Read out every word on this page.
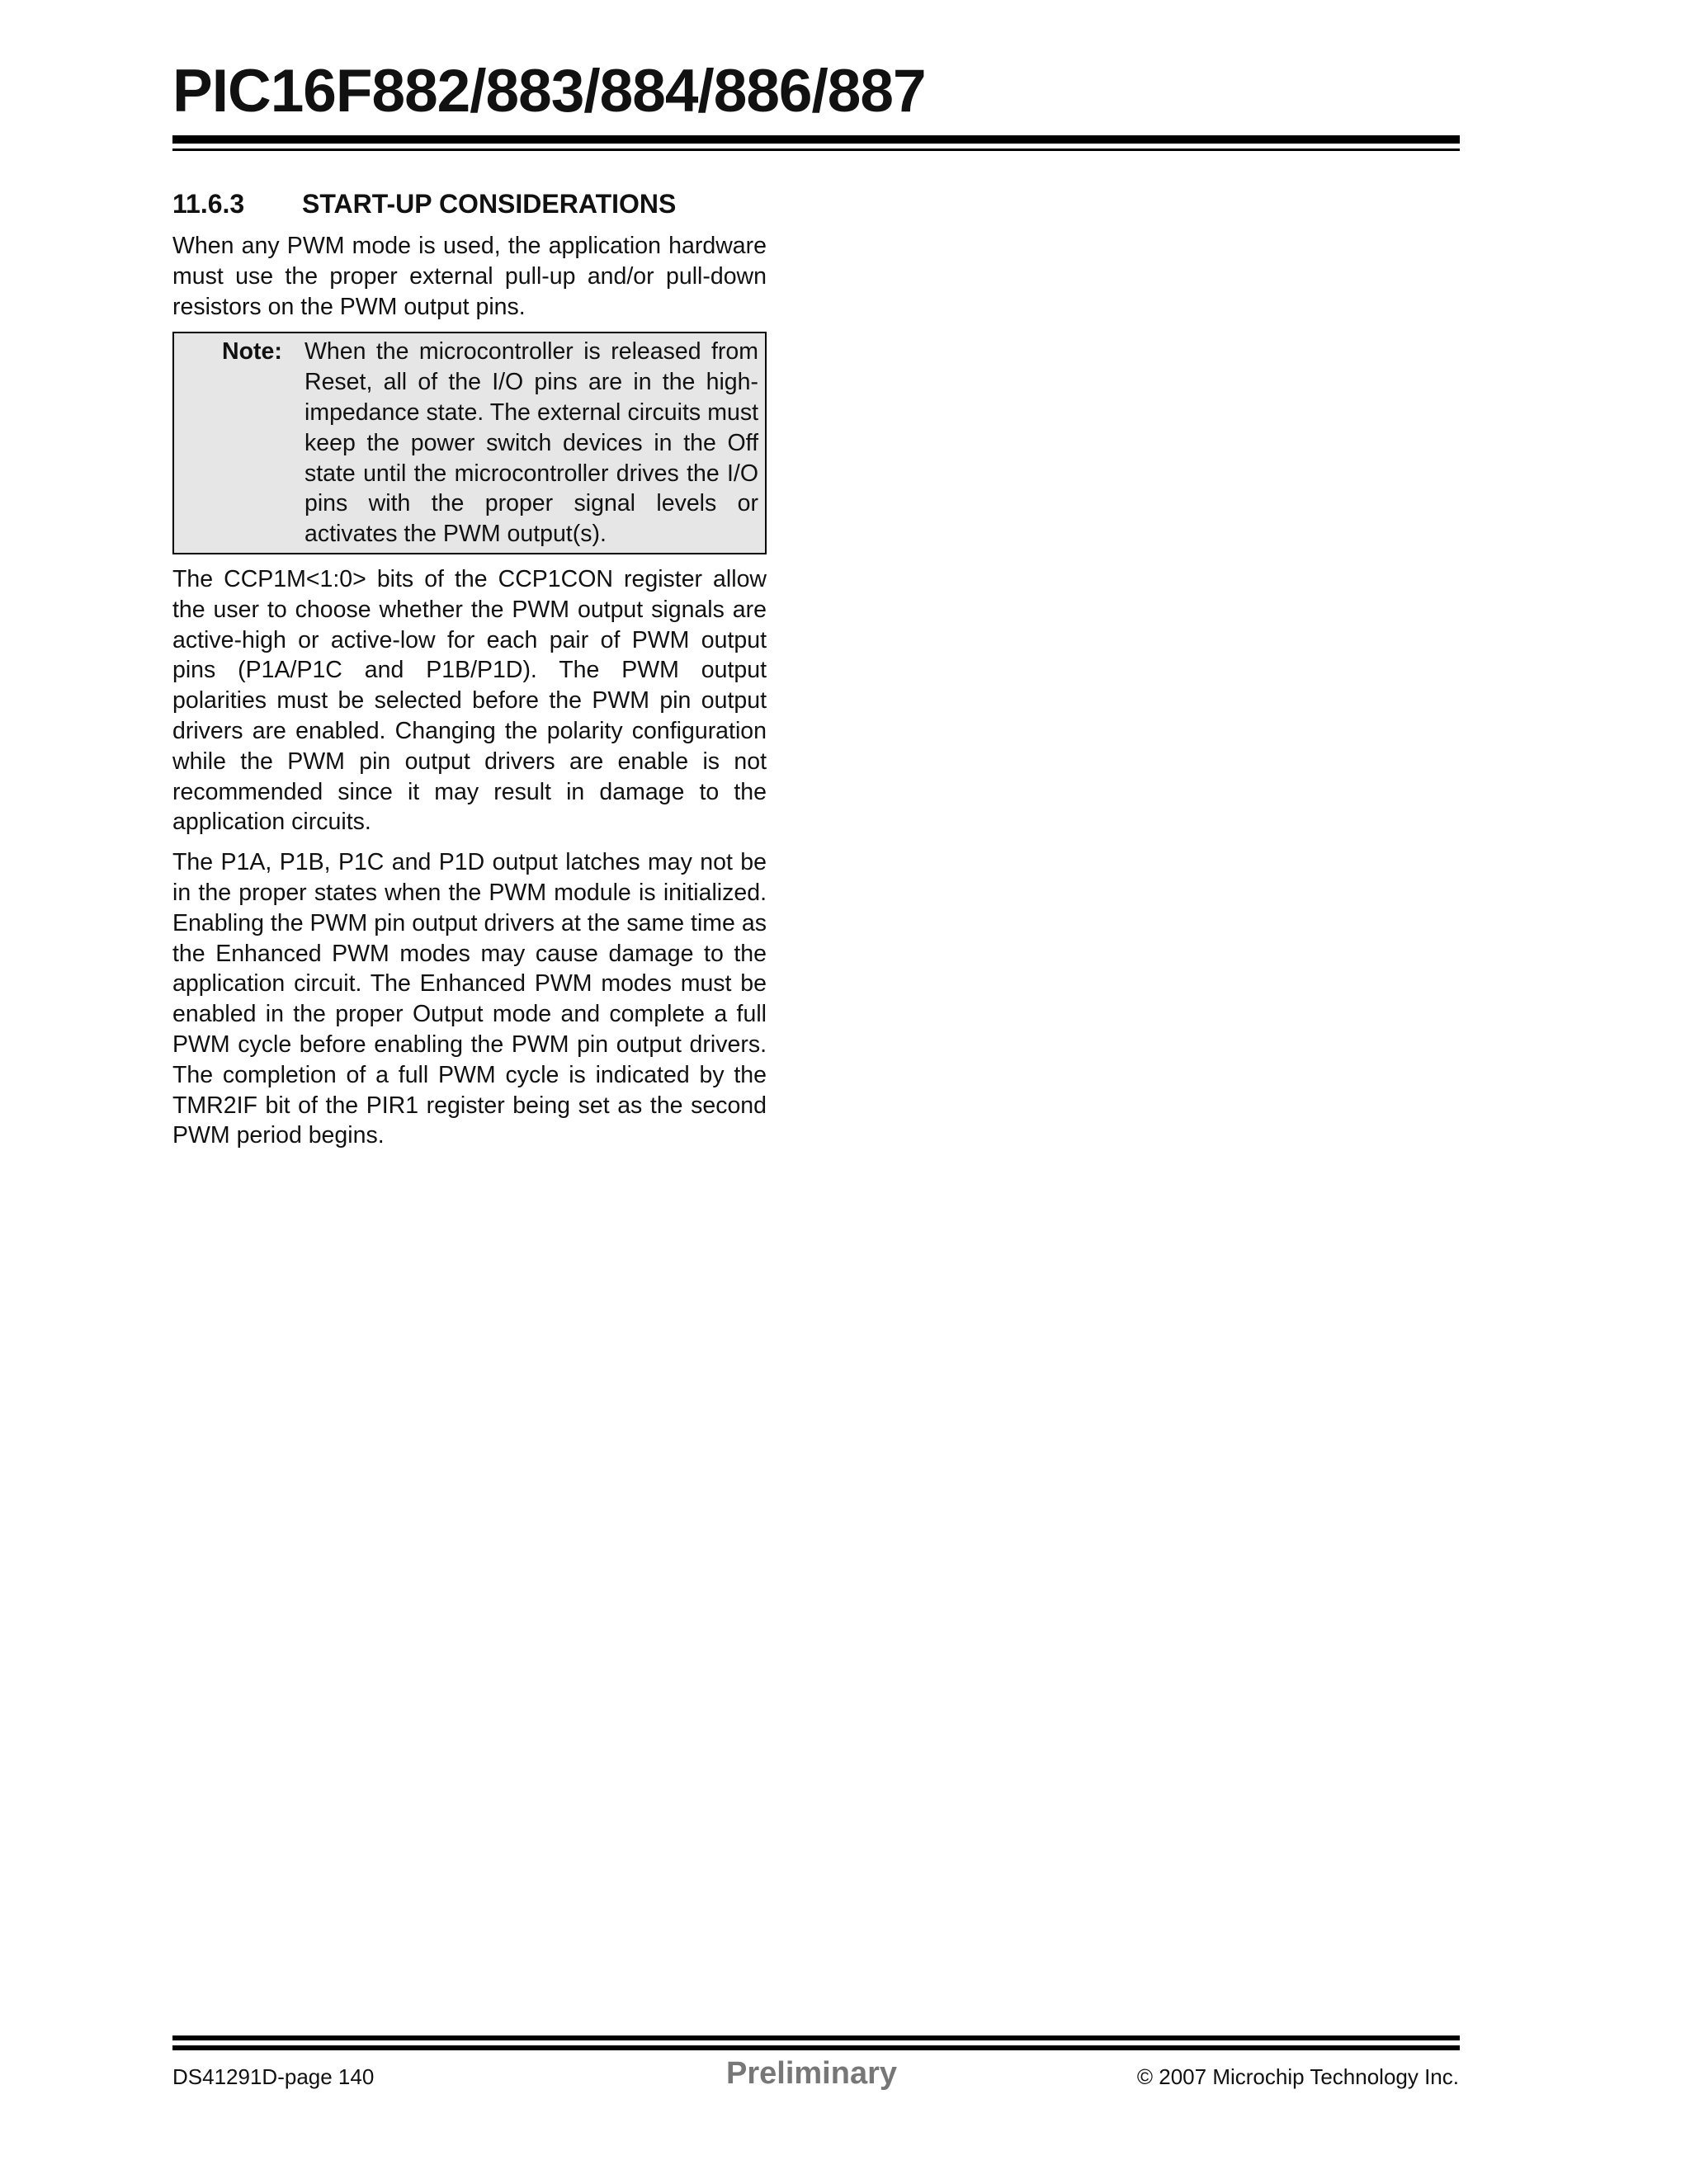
PIC16F882/883/884/886/887
11.6.3	START-UP CONSIDERATIONS

When any PWM mode is used, the application hardware must use the proper external pull-up and/or pull-down resistors on the PWM output pins.

Note: When the microcontroller is released from Reset, all of the I/O pins are in the high-impedance state. The external circuits must keep the power switch devices in the Off state until the microcontroller drives the I/O pins with the proper signal levels or activates the PWM output(s).

The CCP1M<1:0> bits of the CCP1CON register allow the user to choose whether the PWM output signals are active-high or active-low for each pair of PWM output pins (P1A/P1C and P1B/P1D). The PWM output polarities must be selected before the PWM pin output drivers are enabled. Changing the polarity configuration while the PWM pin output drivers are enable is not recommended since it may result in damage to the application circuits.

The P1A, P1B, P1C and P1D output latches may not be in the proper states when the PWM module is initialized. Enabling the PWM pin output drivers at the same time as the Enhanced PWM modes may cause damage to the application circuit. The Enhanced PWM modes must be enabled in the proper Output mode and complete a full PWM cycle before enabling the PWM pin output drivers. The completion of a full PWM cycle is indicated by the TMR2IF bit of the PIR1 register being set as the second PWM period begins.

DS41291D-page 140	Preliminary	© 2007 Microchip Technology Inc.
